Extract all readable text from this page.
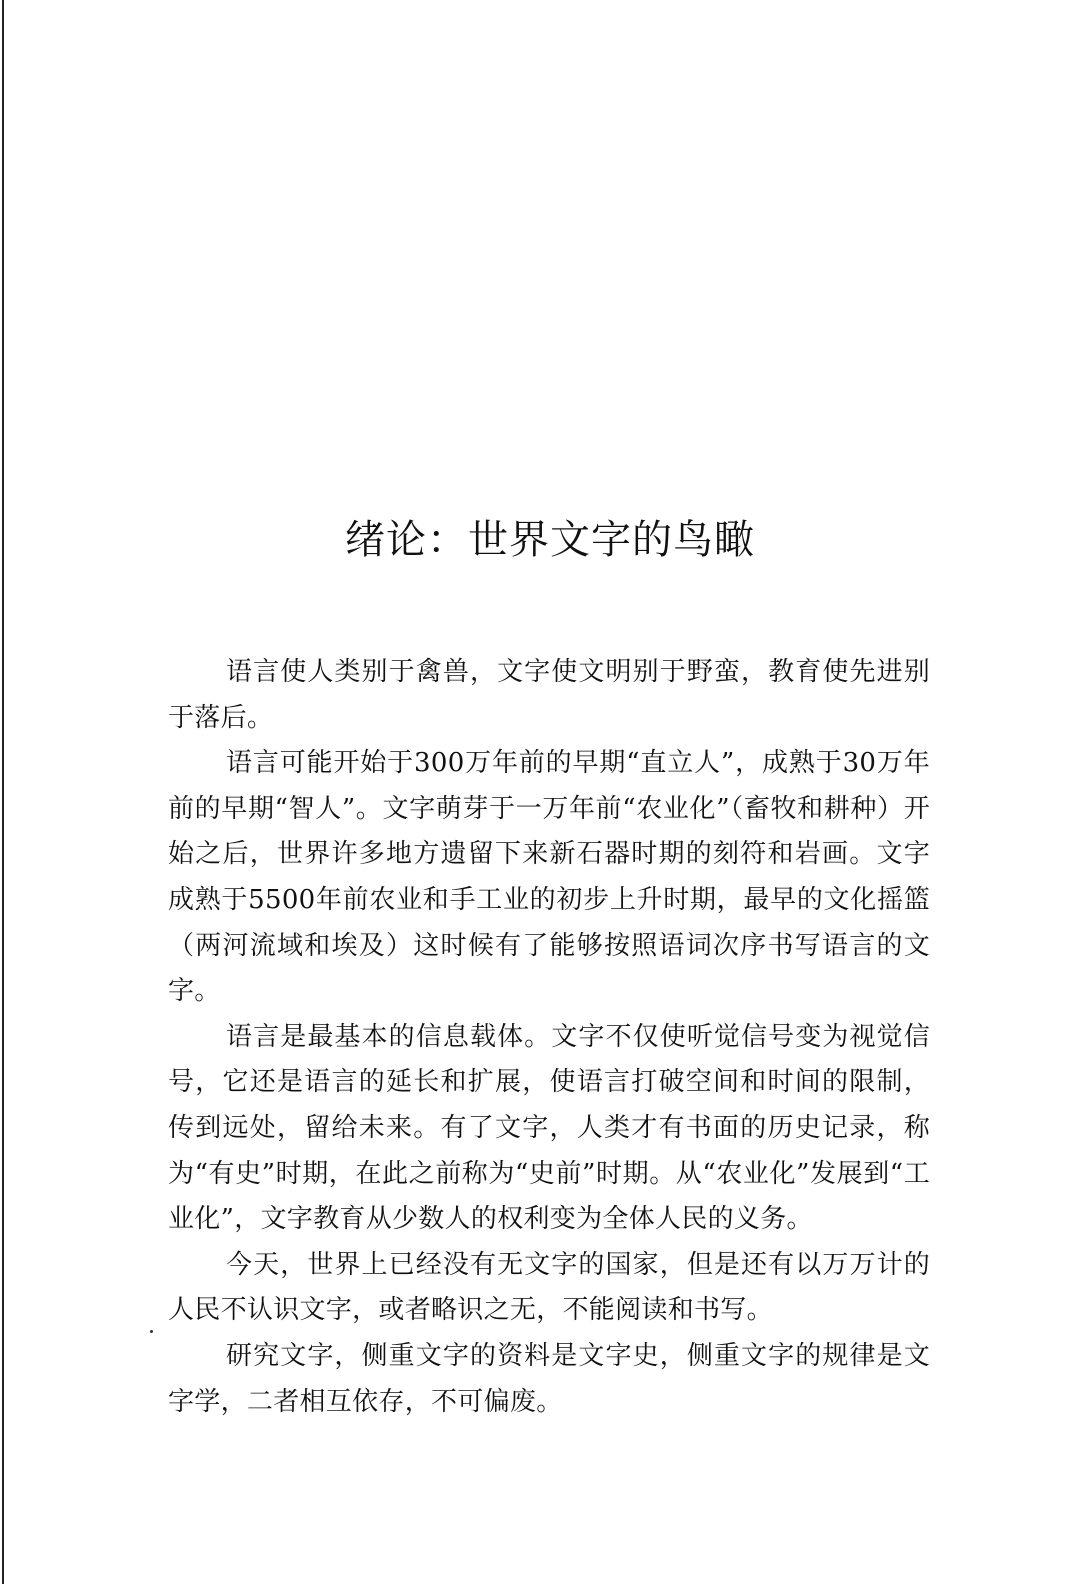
绪论：世界文字的鸟瞰

语言使人类别于禽兽，文字使文明别于野蛮，教育使先进别于落后。

语言可能开始于300万年前的早期“直立人”，成熟于30万年前的早期“智人”。文字萌芽于一万年前“农业化”（畜牧和耕种）开始之后，世界许多地方遗留下来新石器时期的刻符和岩画。文字成熟于5500年前农业和手工业的初步上升时期，最早的文化摇篮（两河流域和埃及）这时候有了能够按照语词次序书写语言的文字。

语言是最基本的信息载体。文字不仅使听觉信号变为视觉信号，它还是语言的延长和扩展，使语言打破空间和时间的限制，传到远处，留给未来。有了文字，人类才有书面的历史记录，称为“有史”时期，在此之前称为“史前”时期。从“农业化”发展到“工业化”，文字教育从少数人的权利变为全体人民的义务。

今天，世界上已经没有无文字的国家，但是还有以万万计的人民不认识文字，或者略识之无，不能阅读和书写。

研究文字，侧重文字的资料是文字史，侧重文字的规律是文字学，二者相互依存，不可偏废。
